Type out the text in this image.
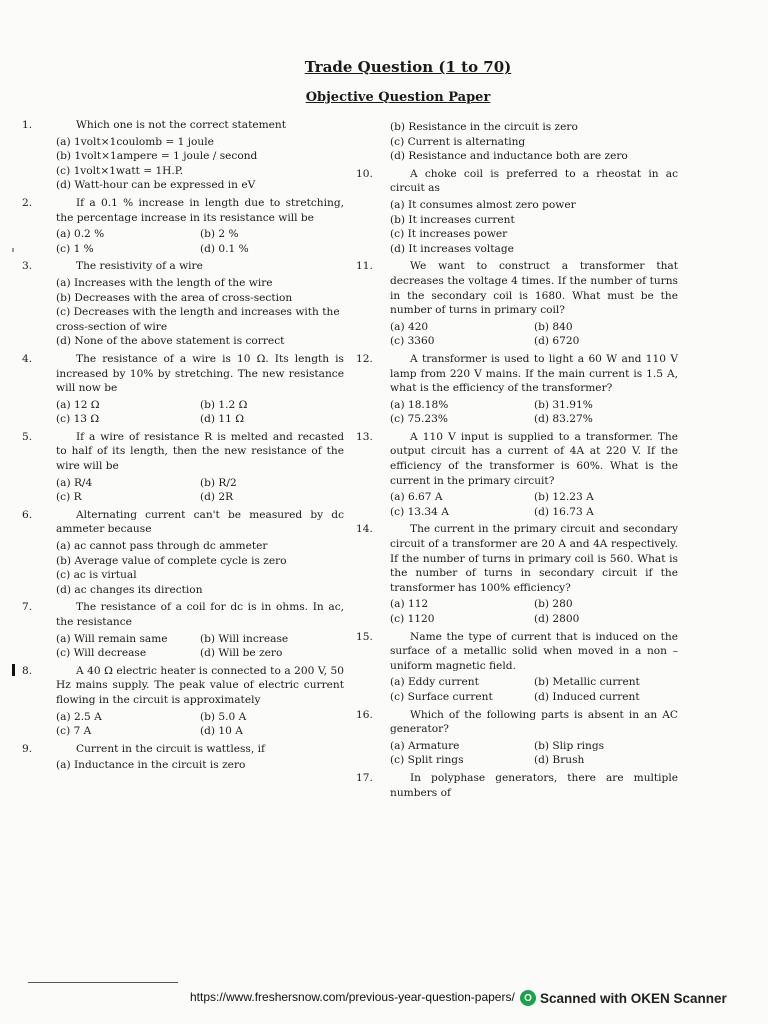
Trade Question (1 to 70)
Objective Question Paper
1.	Which one is not the correct statement
(a) 1volt×1coulomb = 1 joule
(b) 1volt×1ampere = 1 joule / second
(c) 1volt×1watt = 1H.P.
(d) Watt-hour can be expressed in eV
2.	If a 0.1 % increase in length due to stretching, the percentage increase in its resistance will be
(a) 0.2 %	(b) 2 %
(c) 1 %	(d) 0.1 %
3.	The resistivity of a wire
(a) Increases with the length of the wire
(b) Decreases with the area of cross-section
(c) Decreases with the length and increases with the cross-section of wire
(d) None of the above statement is correct
4.	The resistance of a wire is 10 Ω. Its length is increased by 10% by stretching. The new resistance will now be
(a) 12 Ω	(b) 1.2 Ω
(c) 13 Ω	(d) 11 Ω
5.	If a wire of resistance R is melted and recasted to half of its length, then the new resistance of the wire will be
(a) R/4	(b) R/2
(c) R	(d) 2R
6.	Alternating current can't be measured by dc ammeter because
(a) ac cannot pass through dc ammeter
(b) Average value of complete cycle is zero
(c) ac is virtual
(d) ac changes its direction
7.	The resistance of a coil for dc is in ohms. In ac, the resistance
(a) Will remain same	(b) Will increase
(c) Will decrease	(d) Will be zero
8.	A 40 Ω electric heater is connected to a 200 V, 50 Hz mains supply. The peak value of electric current flowing in the circuit is approximately
(a) 2.5 A	(b) 5.0 A
(c) 7 A	(d) 10 A
9.	Current in the circuit is wattless, if
(a) Inductance in the circuit is zero
(b) Resistance in the circuit is zero
(c) Current is alternating
(d) Resistance and inductance both are zero
10.	A choke coil is preferred to a rheostat in ac circuit as
(a) It consumes almost zero power
(b) It increases current
(c) It increases power
(d) It increases voltage
11.	We want to construct a transformer that decreases the voltage 4 times. If the number of turns in the secondary coil is 1680. What must be the number of turns in primary coil?
(a) 420	(b) 840
(c) 3360	(d) 6720
12.	A transformer is used to light a 60 W and 110 V lamp from 220 V mains. If the main current is 1.5 A, what is the efficiency of the transformer?
(a) 18.18%	(b) 31.91%
(c) 75.23%	(d) 83.27%
13.	A 110 V input is supplied to a transformer. The output circuit has a current of 4A at 220 V. If the efficiency of the transformer is 60%. What is the current in the primary circuit?
(a) 6.67 A	(b) 12.23 A
(c) 13.34 A	(d) 16.73 A
14.	The current in the primary circuit and secondary circuit of a transformer are 20 A and 4A respectively. If the number of turns in primary coil is 560. What is the number of turns in secondary circuit if the transformer has 100% efficiency?
(a) 112	(b) 280
(c) 1120	(d) 2800
15.	Name the type of current that is induced on the surface of a metallic solid when moved in a non – uniform magnetic field.
(a) Eddy current	(b) Metallic current
(c) Surface current	(d) Induced current
16.	Which of the following parts is absent in an AC generator?
(a) Armature	(b) Slip rings
(c) Split rings	(d) Brush
17.	In polyphase generators, there are multiple numbers of
https://www.freshersnow.com/previous-year-question-papers/ O Scanned with OKEN Scanner
